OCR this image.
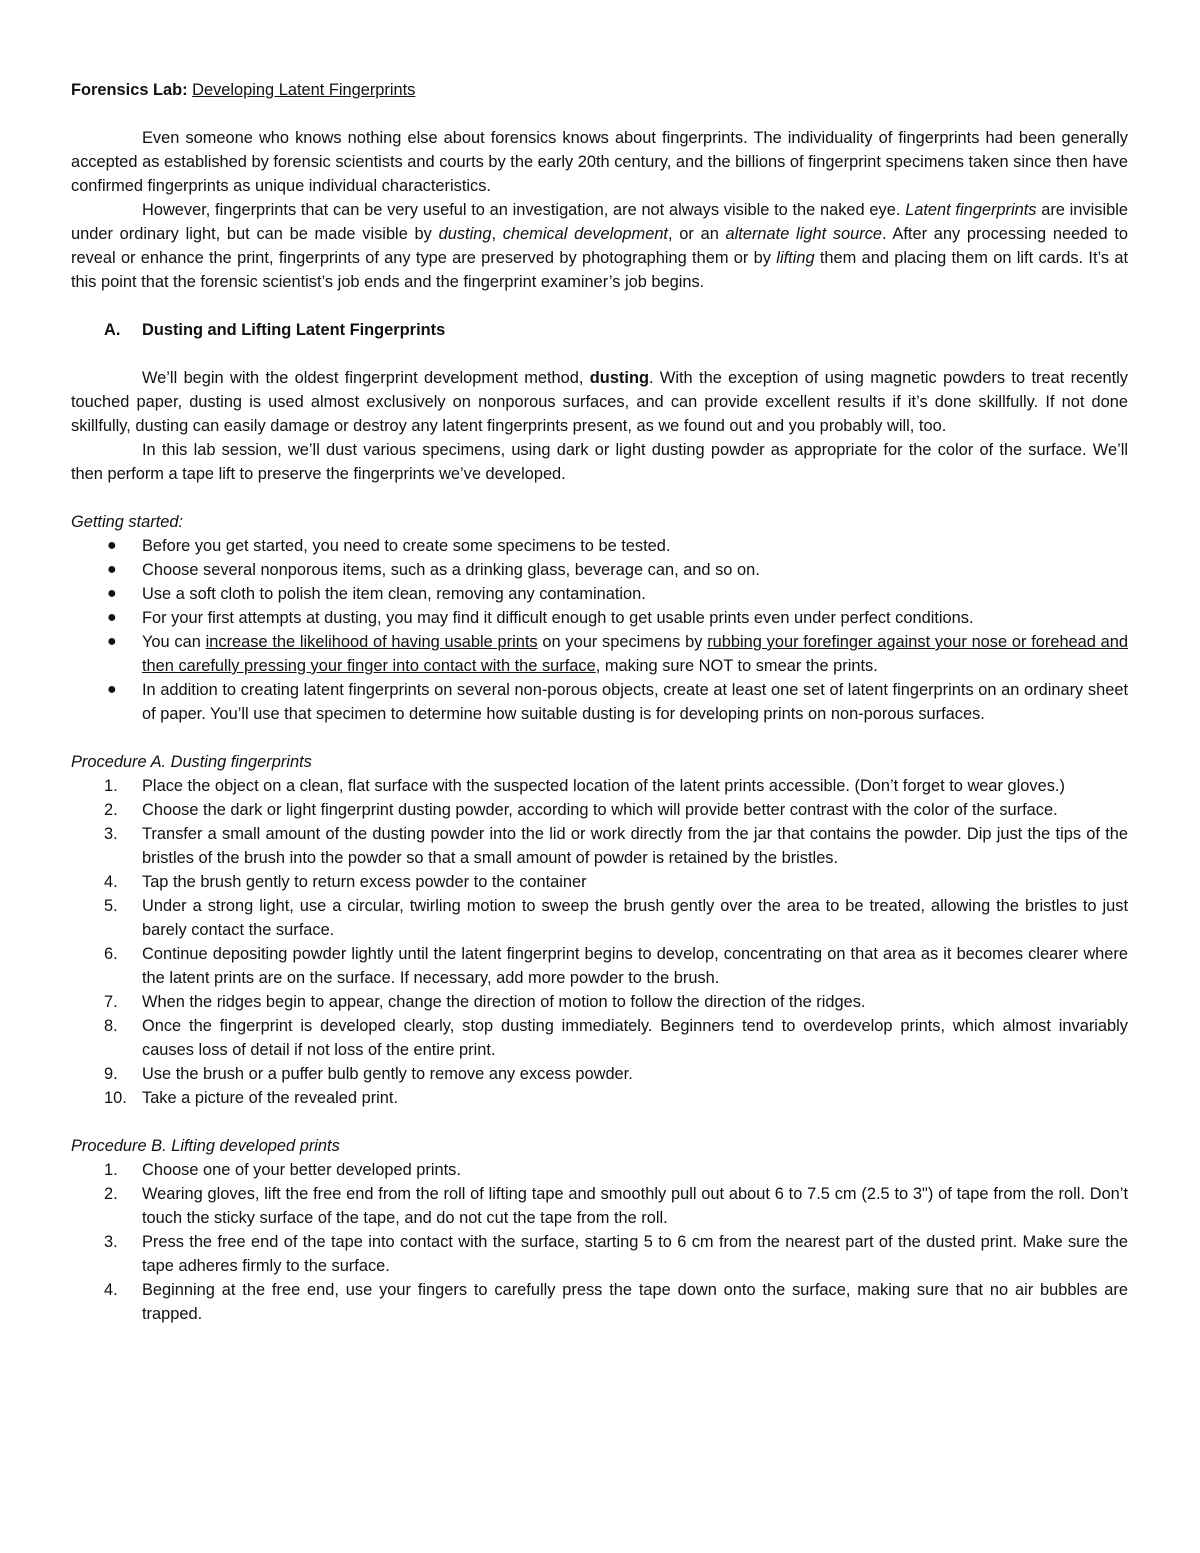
Forensics Lab: Developing Latent Fingerprints

Even someone who knows nothing else about forensics knows about fingerprints. The individuality of fingerprints had been generally accepted as established by forensic scientists and courts by the early 20th century, and the billions of fingerprint specimens taken since then have confirmed fingerprints as unique individual characteristics.

However, fingerprints that can be very useful to an investigation, are not always visible to the naked eye. Latent fingerprints are invisible under ordinary light, but can be made visible by dusting, chemical development, or an alternate light source. After any processing needed to reveal or enhance the print, fingerprints of any type are preserved by photographing them or by lifting them and placing them on lift cards. It’s at this point that the forensic scientist’s job ends and the fingerprint examiner’s job begins.

A. Dusting and Lifting Latent Fingerprints

We’ll begin with the oldest fingerprint development method, dusting. With the exception of using magnetic powders to treat recently touched paper, dusting is used almost exclusively on nonporous surfaces, and can provide excellent results if it’s done skillfully. If not done skillfully, dusting can easily damage or destroy any latent fingerprints present, as we found out and you probably will, too.

In this lab session, we’ll dust various specimens, using dark or light dusting powder as appropriate for the color of the surface. We’ll then perform a tape lift to preserve the fingerprints we’ve developed.

Getting started:

● Before you get started, you need to create some specimens to be tested.
● Choose several nonporous items, such as a drinking glass, beverage can, and so on.
● Use a soft cloth to polish the item clean, removing any contamination.
● For your first attempts at dusting, you may find it difficult enough to get usable prints even under perfect conditions.
● You can increase the likelihood of having usable prints on your specimens by rubbing your forefinger against your nose or forehead and then carefully pressing your finger into contact with the surface, making sure NOT to smear the prints.
● In addition to creating latent fingerprints on several non-porous objects, create at least one set of latent fingerprints on an ordinary sheet of paper. You’ll use that specimen to determine how suitable dusting is for developing prints on non-porous surfaces.

Procedure A. Dusting fingerprints

1. Place the object on a clean, flat surface with the suspected location of the latent prints accessible. (Don’t forget to wear gloves.)
2. Choose the dark or light fingerprint dusting powder, according to which will provide better contrast with the color of the surface.
3. Transfer a small amount of the dusting powder into the lid or work directly from the jar that contains the powder. Dip just the tips of the bristles of the brush into the powder so that a small amount of powder is retained by the bristles.
4. Tap the brush gently to return excess powder to the container
5. Under a strong light, use a circular, twirling motion to sweep the brush gently over the area to be treated, allowing the bristles to just barely contact the surface.
6. Continue depositing powder lightly until the latent fingerprint begins to develop, concentrating on that area as it becomes clearer where the latent prints are on the surface. If necessary, add more powder to the brush.
7. When the ridges begin to appear, change the direction of motion to follow the direction of the ridges.
8. Once the fingerprint is developed clearly, stop dusting immediately. Beginners tend to overdevelop prints, which almost invariably causes loss of detail if not loss of the entire print.
9. Use the brush or a puffer bulb gently to remove any excess powder.
10. Take a picture of the revealed print.

Procedure B. Lifting developed prints

1. Choose one of your better developed prints.
2. Wearing gloves, lift the free end from the roll of lifting tape and smoothly pull out about 6 to 7.5 cm (2.5 to 3") of tape from the roll. Don’t touch the sticky surface of the tape, and do not cut the tape from the roll.
3. Press the free end of the tape into contact with the surface, starting 5 to 6 cm from the nearest part of the dusted print. Make sure the tape adheres firmly to the surface.
4. Beginning at the free end, use your fingers to carefully press the tape down onto the surface, making sure that no air bubbles are trapped.
